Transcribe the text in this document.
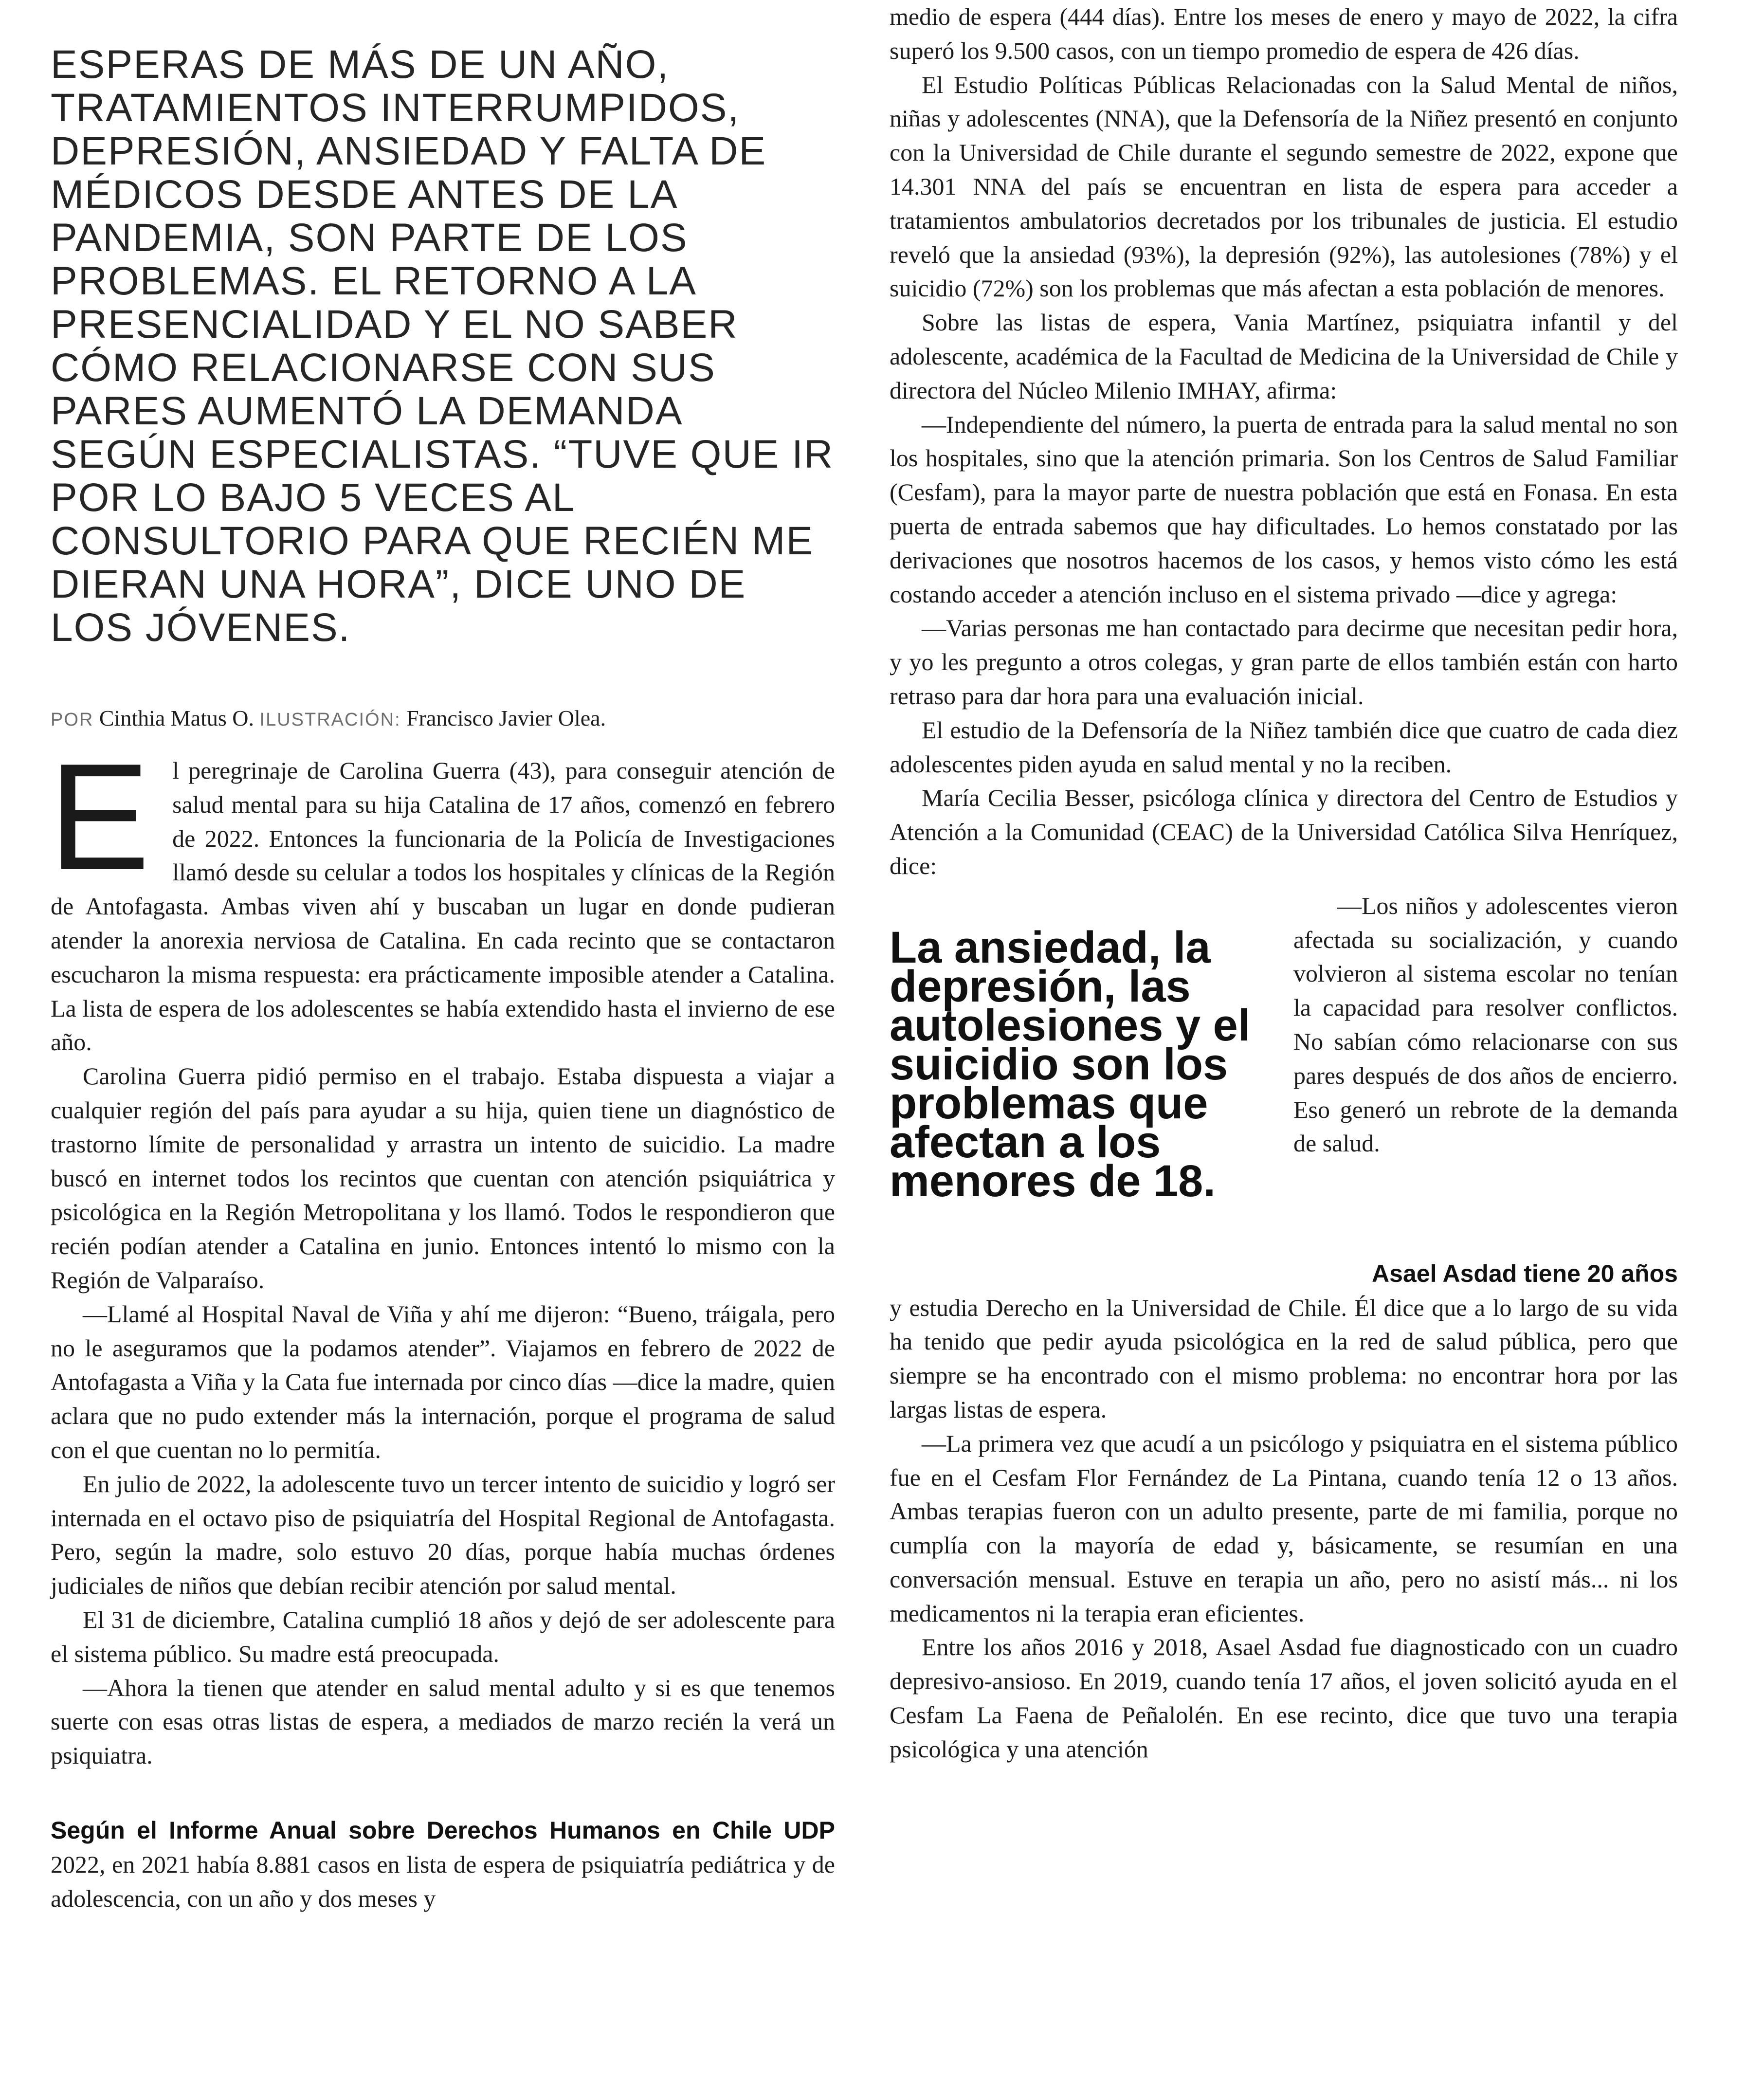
ESPERAS DE MÁS DE UN AÑO, TRATAMIENTOS INTERRUMPIDOS, DEPRESIÓN, ANSIEDAD Y FALTA DE MÉDICOS DESDE ANTES DE LA PANDEMIA, SON PARTE DE LOS PROBLEMAS. EL RETORNO A LA PRESENCIALIDAD Y EL NO SABER CÓMO RELACIONARSE CON SUS PARES AUMENTÓ LA DEMANDA SEGÚN ESPECIALISTAS. “TUVE QUE IR POR LO BAJO 5 VECES AL CONSULTORIO PARA QUE RECIÉN ME DIERAN UNA HORA”, DICE UNO DE LOS JÓVENES.
POR Cinthia Matus O. ILUSTRACIÓN: Francisco Javier Olea.
E l peregrinaje de Carolina Guerra (43), para conseguir atención de salud mental para su hija Catalina de 17 años, comenzó en febrero de 2022. Entonces la funcionaria de la Policía de Investigaciones llamó desde su celular a todos los hospitales y clínicas de la Región de Antofagasta. Ambas viven ahí y buscaban un lugar en donde pudieran atender la anorexia nerviosa de Catalina. En cada recinto que se contactaron escucharon la misma respuesta: era prácticamente imposible atender a Catalina. La lista de espera de los adolescentes se había extendido hasta el invierno de ese año.

Carolina Guerra pidió permiso en el trabajo. Estaba dispuesta a viajar a cualquier región del país para ayudar a su hija, quien tiene un diagnóstico de trastorno límite de personalidad y arrastra un intento de suicidio. La madre buscó en internet todos los recintos que cuentan con atención psiquiátrica y psicológica en la Región Metropolitana y los llamó. Todos le respondieron que recién podían atender a Catalina en junio. Entonces intentó lo mismo con la Región de Valparaíso.

—Llamé al Hospital Naval de Viña y ahí me dijeron: “Bueno, tráigala, pero no le aseguramos que la podamos atender”. Viajamos en febrero de 2022 de Antofagasta a Viña y la Cata fue internada por cinco días —dice la madre, quien aclara que no pudo extender más la internación, porque el programa de salud con el que cuentan no lo permitía.

En julio de 2022, la adolescente tuvo un tercer intento de suicidio y logró ser internada en el octavo piso de psiquiatría del Hospital Regional de Antofagasta. Pero, según la madre, solo estuvo 20 días, porque había muchas órdenes judiciales de niños que debían recibir atención por salud mental.

El 31 de diciembre, Catalina cumplió 18 años y dejó de ser adolescente para el sistema público. Su madre está preocupada.

—Ahora la tienen que atender en salud mental adulto y si es que tenemos suerte con esas otras listas de espera, a mediados de marzo recién la verá un psiquiatra.

Según el Informe Anual sobre Derechos Humanos en Chile UDP 2022, en 2021 había 8.881 casos en lista de espera de psiquiatría pediátrica y de adolescencia, con un año y dos meses y

medio de espera (444 días). Entre los meses de enero y mayo de 2022, la cifra superó los 9.500 casos, con un tiempo promedio de espera de 426 días.

El Estudio Políticas Públicas Relacionadas con la Salud Mental de niños, niñas y adolescentes (NNA), que la Defensoría de la Niñez presentó en conjunto con la Universidad de Chile durante el segundo semestre de 2022, expone que 14.301 NNA del país se encuentran en lista de espera para acceder a tratamientos ambulatorios decretados por los tribunales de justicia. El estudio reveló que la ansiedad (93%), la depresión (92%), las autolesiones (78%) y el suicidio (72%) son los problemas que más afectan a esta población de menores.

Sobre las listas de espera, Vania Martínez, psiquiatra infantil y del adolescente, académica de la Facultad de Medicina de la Universidad de Chile y directora del Núcleo Milenio IMHAY, afirma:

—Independiente del número, la puerta de entrada para la salud mental no son los hospitales, sino que la atención primaria. Son los Centros de Salud Familiar (Cesfam), para la mayor parte de nuestra población que está en Fonasa. En esta puerta de entrada sabemos que hay dificultades. Lo hemos constatado por las derivaciones que nosotros hacemos de los casos, y hemos visto cómo les está costando acceder a atención incluso en el sistema privado —dice y agrega:

—Varias personas me han contactado para decirme que necesitan pedir hora, y yo les pregunto a otros colegas, y gran parte de ellos también están con harto retraso para dar hora para una evaluación inicial.

El estudio de la Defensoría de la Niñez también dice que cuatro de cada diez adolescentes piden ayuda en salud mental y no la reciben.

María Cecilia Besser, psicóloga clínica y directora del Centro de Estudios y Atención a la Comunidad (CEAC) de la Universidad Católica Silva Henríquez, dice:

La ansiedad, la depresión, las autolesiones y el suicidio son los problemas que afectan a los menores de 18.

—Los niños y adolescentes vieron afectada su socialización, y cuando volvieron al sistema escolar no tenían la capacidad para resolver conflictos. No sabían cómo relacionarse con sus pares después de dos años de encierro. Eso generó un rebrote de la demanda de salud.

Asael Asdad tiene 20 años

y estudia Derecho en la Universidad de Chile. Él dice que a lo largo de su vida ha tenido que pedir ayuda psicológica en la red de salud pública, pero que siempre se ha encontrado con el mismo problema: no encontrar hora por las largas listas de espera.

—La primera vez que acudí a un psicólogo y psiquiatra en el sistema público fue en el Cesfam Flor Fernández de La Pintana, cuando tenía 12 o 13 años. Ambas terapias fueron con un adulto presente, parte de mi familia, porque no cumplía con la mayoría de edad y, básicamente, se resumían en una conversación mensual. Estuve en terapia un año, pero no asistí más... ni los medicamentos ni la terapia eran eficientes.

Entre los años 2016 y 2018, Asael Asdad fue diagnosticado con un cuadro depresivo-ansioso. En 2019, cuando tenía 17 años, el joven solicitó ayuda en el Cesfam La Faena de Peñalolén. En ese recinto, dice que tuvo una terapia psicológica y una atención
